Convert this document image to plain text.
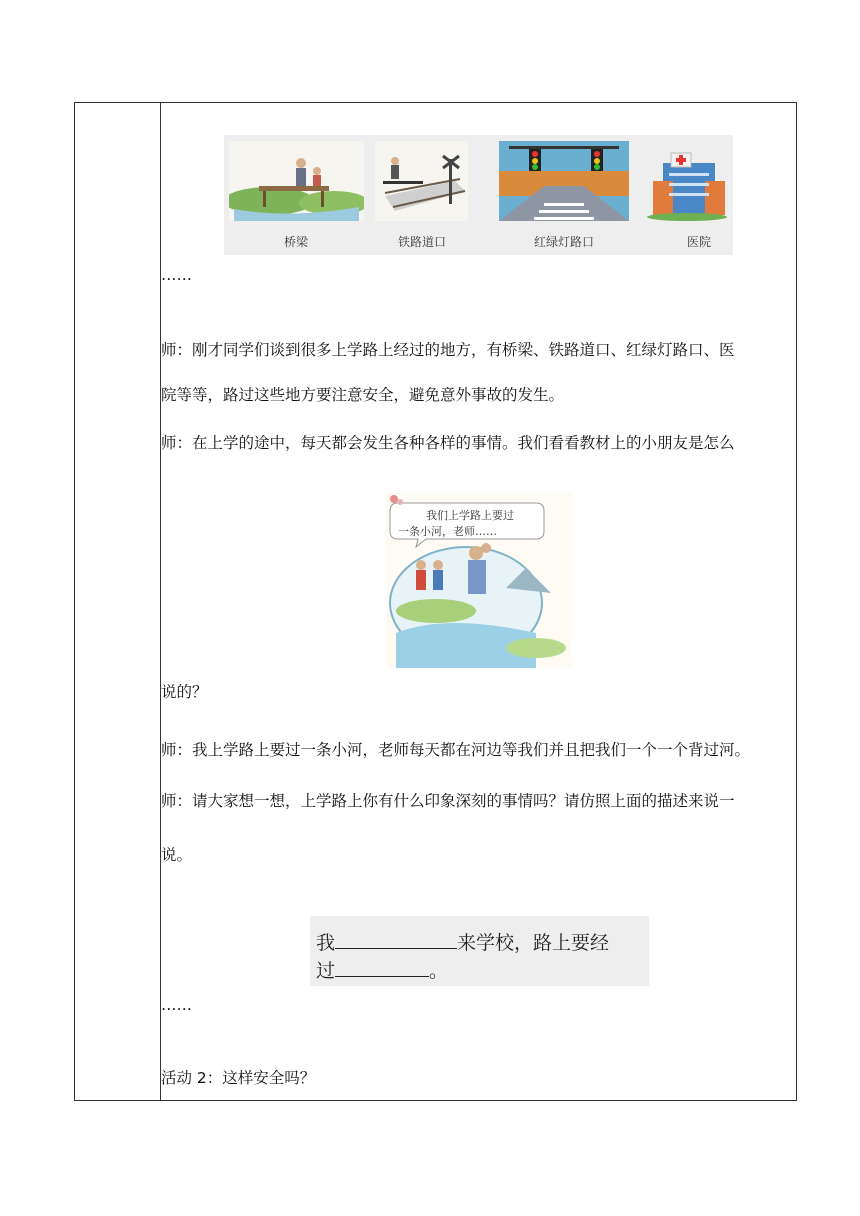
桥梁	铁路道口	红绿灯路口	医院
……
师：刚才同学们谈到很多上学路上经过的地方，有桥梁、铁路道口、红绿灯路口、医
院等等，路过这些地方要注意安全，避免意外事故的发生。
师：在上学的途中，每天都会发生各种各样的事情。我们看看教材上的小朋友是怎么
我们上学路上要过
一条小河，老师……
说的？
师：我上学路上要过一条小河，老师每天都在河边等我们并且把我们一个一个背过河。
师：请大家想一想，上学路上你有什么印象深刻的事情吗？请仿照上面的描述来说一
说。
我	来学校，路上要经
过	。
……
活动 2：这样安全吗？
